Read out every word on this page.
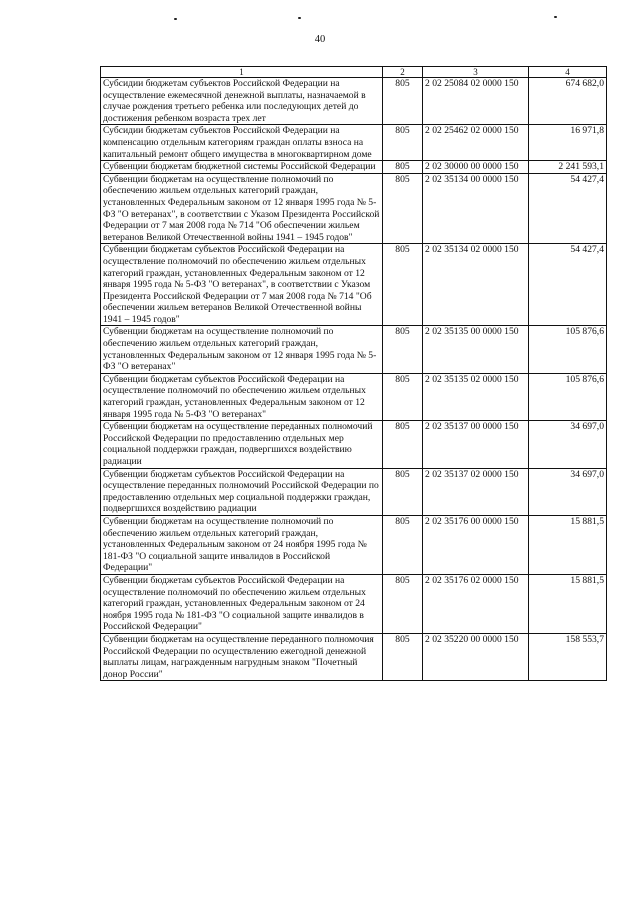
40
1	2	3	4
Субсидии бюджетам субъектов Российской Федерации на осуществление ежемесячной денежной выплаты, назначаемой в случае рождения третьего ребенка или последующих детей до достижения ребенком возраста трех лет	805	2 02 25084 02 0000 150	674 682,0
Субсидии бюджетам субъектов Российской Федерации на компенсацию отдельным категориям граждан оплаты взноса на капитальный ремонт общего имущества в многоквартирном доме	805	2 02 25462 02 0000 150	16 971,8
Субвенции бюджетам бюджетной системы Российской Федерации	805	2 02 30000 00 0000 150	2 241 593,1
Субвенции бюджетам на осуществление полномочий по обеспечению жильем отдельных категорий граждан, установленных Федеральным законом от 12 января 1995 года № 5-ФЗ "О ветеранах", в соответствии с Указом Президента Российской Федерации от 7 мая 2008 года № 714 "Об обеспечении жильем ветеранов Великой Отечественной войны 1941 – 1945 годов"	805	2 02 35134 00 0000 150	54 427,4
Субвенции бюджетам субъектов Российской Федерации на осуществление полномочий по обеспечению жильем отдельных категорий граждан, установленных Федеральным законом от 12 января 1995 года № 5-ФЗ "О ветеранах", в соответствии с Указом Президента Российской Федерации от 7 мая 2008 года № 714 "Об обеспечении жильем ветеранов Великой Отечественной войны 1941 – 1945 годов"	805	2 02 35134 02 0000 150	54 427,4
Субвенции бюджетам на осуществление полномочий по обеспечению жильем отдельных категорий граждан, установленных Федеральным законом от 12 января 1995 года № 5-ФЗ "О ветеранах"	805	2 02 35135 00 0000 150	105 876,6
Субвенции бюджетам субъектов Российской Федерации на осуществление полномочий по обеспечению жильем отдельных категорий граждан, установленных Федеральным законом от 12 января 1995 года № 5-ФЗ "О ветеранах"	805	2 02 35135 02 0000 150	105 876,6
Субвенции бюджетам на осуществление переданных полномочий Российской Федерации по предоставлению отдельных мер социальной поддержки граждан, подвергшихся воздействию радиации	805	2 02 35137 00 0000 150	34 697,0
Субвенции бюджетам субъектов Российской Федерации на осуществление переданных полномочий Российской Федерации по предоставлению отдельных мер социальной поддержки граждан, подвергшихся воздействию радиации	805	2 02 35137 02 0000 150	34 697,0
Субвенции бюджетам на осуществление полномочий по обеспечению жильем отдельных категорий граждан, установленных Федеральным законом от 24 ноября 1995 года № 181-ФЗ "О социальной защите инвалидов в Российской Федерации"	805	2 02 35176 00 0000 150	15 881,5
Субвенции бюджетам субъектов Российской Федерации на осуществление полномочий по обеспечению жильем отдельных категорий граждан, установленных Федеральным законом от 24 ноября 1995 года № 181-ФЗ "О социальной защите инвалидов в Российской Федерации"	805	2 02 35176 02 0000 150	15 881,5
Субвенции бюджетам на осуществление переданного полномочия Российской Федерации по осуществлению ежегодной денежной выплаты лицам, награжденным нагрудным знаком "Почетный донор России"	805	2 02 35220 00 0000 150	158 553,7
